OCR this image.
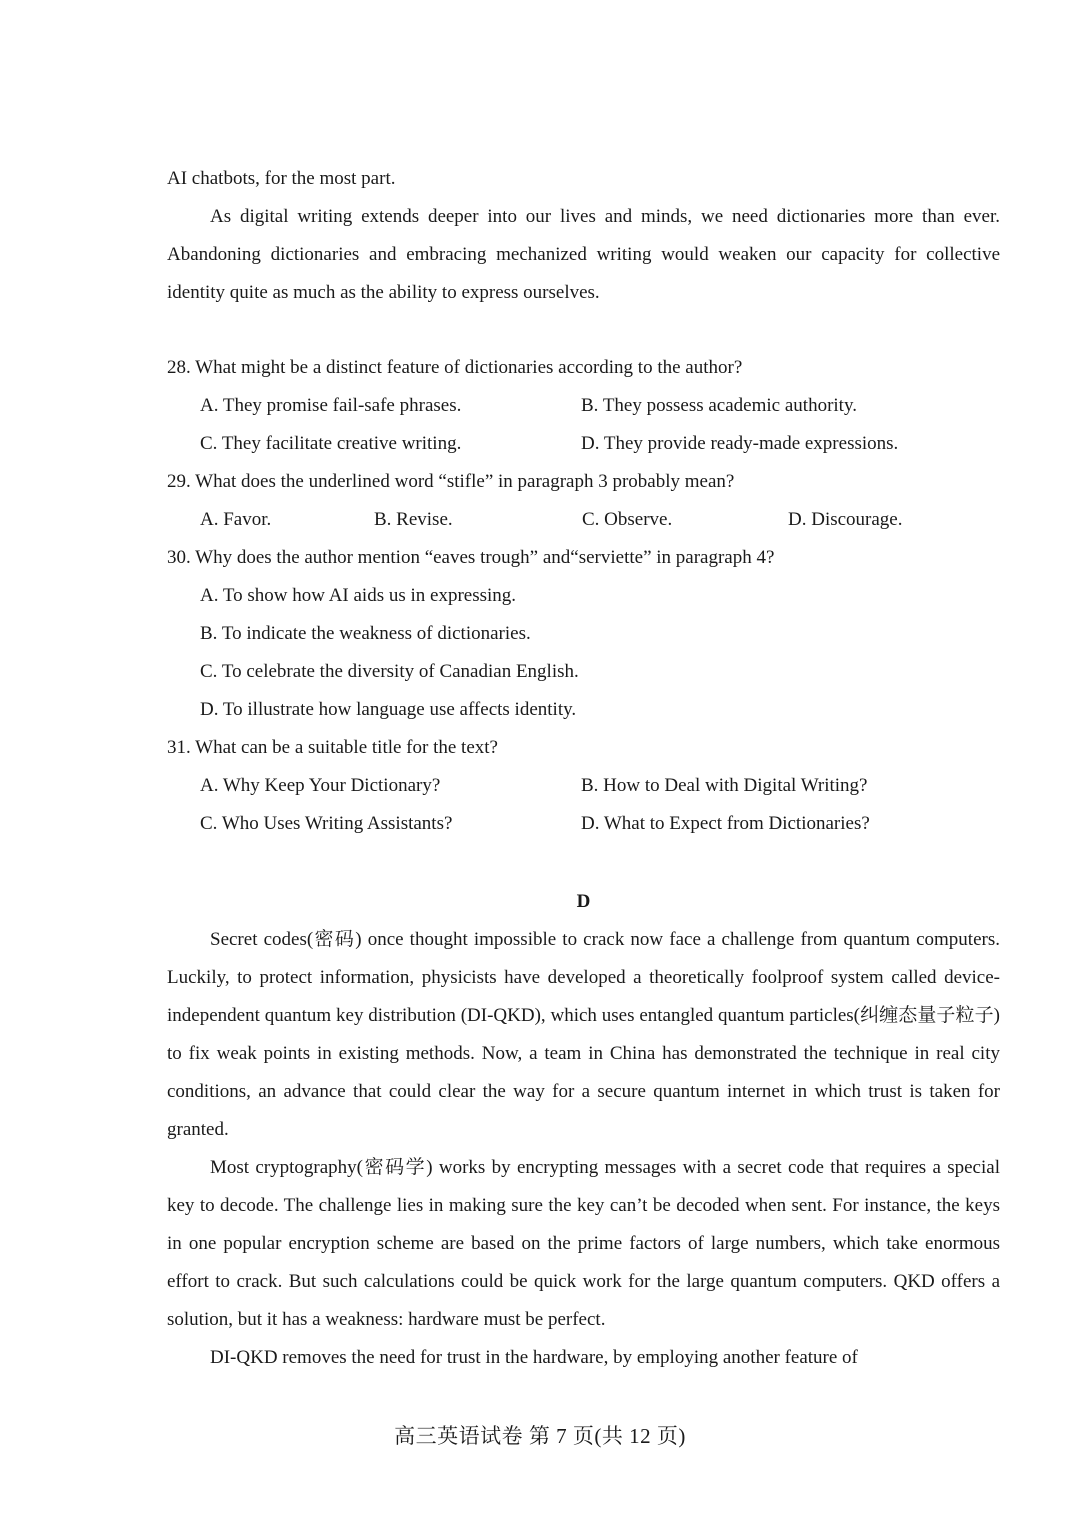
AI chatbots, for the most part.

As digital writing extends deeper into our lives and minds, we need dictionaries more than ever. Abandoning dictionaries and embracing mechanized writing would weaken our capacity for collective identity quite as much as the ability to express ourselves.

28. What might be a distinct feature of dictionaries according to the author?

A. They promise fail-safe phrases.	B. They possess academic authority.
C. They facilitate creative writing.	D. They provide ready-made expressions.

29. What does the underlined word “stifle” in paragraph 3 probably mean?

A. Favor.	B. Revise.	C. Observe.	D. Discourage.

30. Why does the author mention “eaves trough” and“serviette” in paragraph 4?

A. To show how AI aids us in expressing.
B. To indicate the weakness of dictionaries.
C. To celebrate the diversity of Canadian English.
D. To illustrate how language use affects identity.

31. What can be a suitable title for the text?

A. Why Keep Your Dictionary?	B. How to Deal with Digital Writing?
C. Who Uses Writing Assistants?	D. What to Expect from Dictionaries?

D

Secret codes(密码) once thought impossible to crack now face a challenge from quantum computers. Luckily, to protect information, physicists have developed a theoretically foolproof system called device-independent quantum key distribution (DI-QKD), which uses entangled quantum particles(纠缠态量子粒子) to fix weak points in existing methods. Now, a team in China has demonstrated the technique in real city conditions, an advance that could clear the way for a secure quantum internet in which trust is taken for granted.

Most cryptography(密码学) works by encrypting messages with a secret code that requires a special key to decode. The challenge lies in making sure the key can’t be decoded when sent. For instance, the keys in one popular encryption scheme are based on the prime factors of large numbers, which take enormous effort to crack. But such calculations could be quick work for the large quantum computers. QKD offers a solution, but it has a weakness: hardware must be perfect.

DI-QKD removes the need for trust in the hardware, by employing another feature of

高三英语试卷 第 7 页(共 12 页)
